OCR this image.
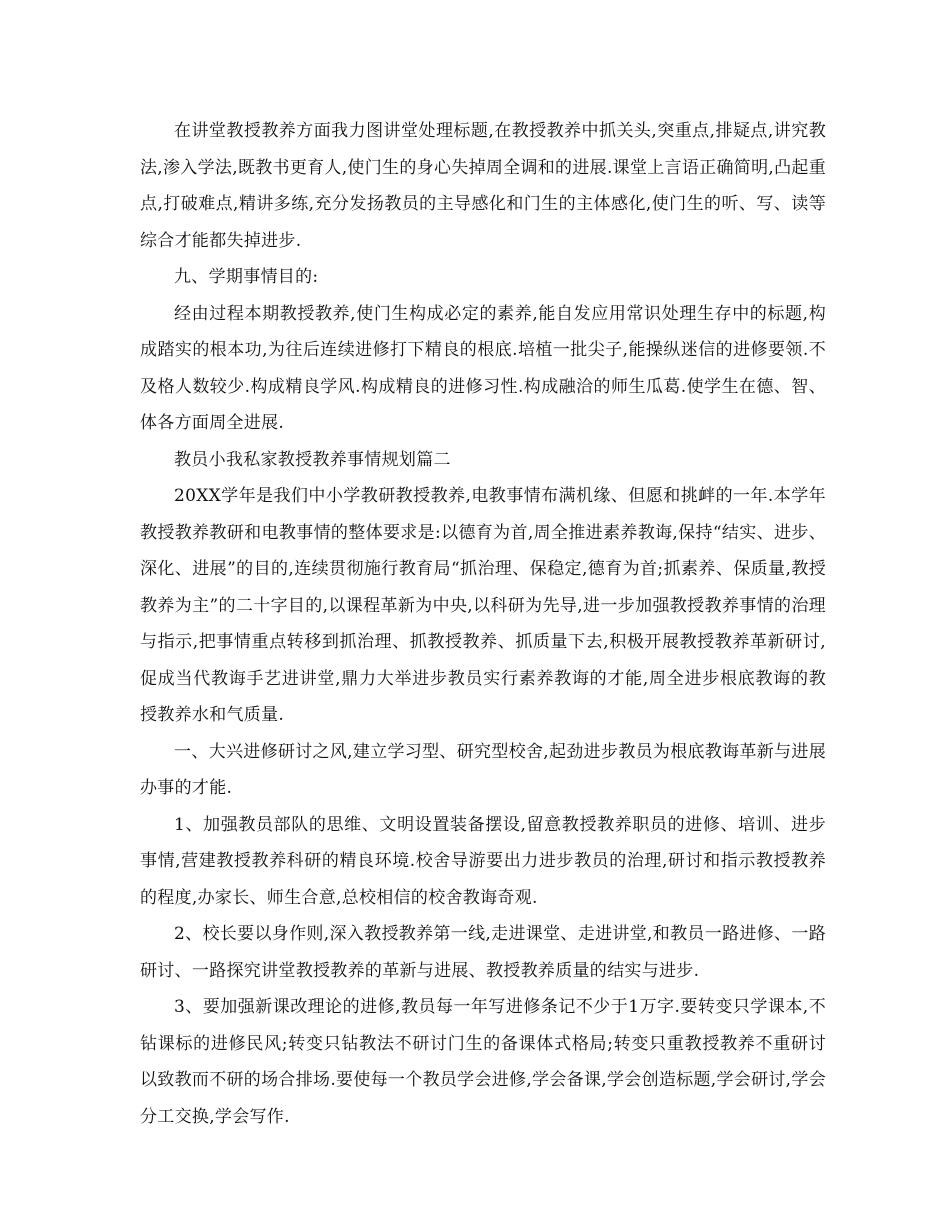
在讲堂教授教养方面我力图讲堂处理标题,在教授教养中抓关头,突重点,排疑点,讲究教法,渗入学法,既教书更育人,使门生的身心失掉周全调和的进展.课堂上言语正确简明,凸起重点,打破难点,精讲多练,充分发扬教员的主导感化和门生的主体感化,使门生的听、写、读等综合才能都失掉进步.

九、学期事情目的:

经由过程本期教授教养,使门生构成必定的素养,能自发应用常识处理生存中的标题,构成踏实的根本功,为往后连续进修打下精良的根底.培植一批尖子,能操纵迷信的进修要领.不及格人数较少.构成精良学风.构成精良的进修习性.构成融洽的师生瓜葛.使学生在德、智、体各方面周全进展.

教员小我私家教授教养事情规划篇二

20XX学年是我们中小学教研教授教养,电教事情布满机缘、但愿和挑衅的一年.本学年教授教养教研和电教事情的整体要求是:以德育为首,周全推进素养教诲,保持“结实、进步、深化、进展”的目的,连续贯彻施行教育局“抓治理、保稳定,德育为首;抓素养、保质量,教授教养为主”的二十字目的,以课程革新为中央,以科研为先导,进一步加强教授教养事情的治理与指示,把事情重点转移到抓治理、抓教授教养、抓质量下去,积极开展教授教养革新研讨,促成当代教诲手艺进讲堂,鼎力大举进步教员实行素养教诲的才能,周全进步根底教诲的教授教养水和气质量.

一、大兴进修研讨之风,建立学习型、研究型校舍,起劲进步教员为根底教诲革新与进展办事的才能.

1、加强教员部队的思维、文明设置装备摆设,留意教授教养职员的进修、培训、进步事情,营建教授教养科研的精良环境.校舍导游要出力进步教员的治理,研讨和指示教授教养的程度,办家长、师生合意,总校相信的校舍教诲奇观.

2、校长要以身作则,深入教授教养第一线,走进课堂、走进讲堂,和教员一路进修、一路研讨、一路探究讲堂教授教养的革新与进展、教授教养质量的结实与进步.

3、要加强新课改理论的进修,教员每一年写进修条记不少于1万字.要转变只学课本,不钻课标的进修民风;转变只钻教法不研讨门生的备课体式格局;转变只重教授教养不重研讨以致教而不研的场合排场.要使每一个教员学会进修,学会备课,学会创造标题,学会研讨,学会分工交换,学会写作.
